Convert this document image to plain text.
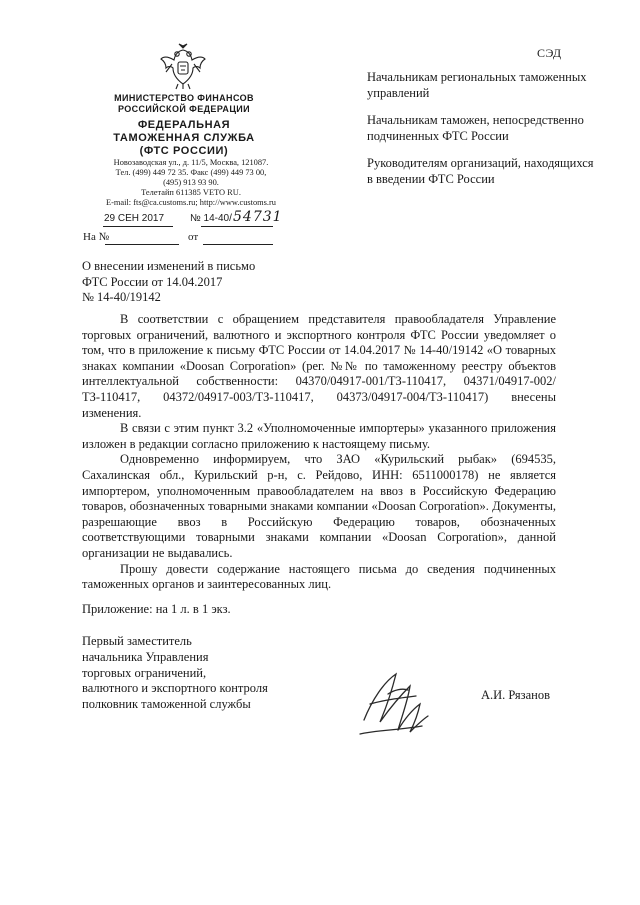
СЭД
МИНИСТЕРСТВО ФИНАНСОВ
РОССИЙСКОЙ ФЕДЕРАЦИИ
ФЕДЕРАЛЬНАЯ
ТАМОЖЕННАЯ СЛУЖБА
(ФТС РОССИИ)
Новозаводская ул., д. 11/5, Москва, 121087.
Тел. (499) 449 72 35. Факс (499) 449 73 00,
(495) 913 93 90.
Телетайп 611385 VETO RU.
E-mail: fts@ca.customs.ru; http://www.customs.ru
29 СЕН 2017	№ 14-40/ 54731
На №	от
Начальникам региональных таможенных управлений
Начальникам таможен, непосредственно подчиненных ФТС России
Руководителям организаций, находящихся в введении ФТС России
О внесении изменений в письмо
ФТС России от 14.04.2017
№ 14-40/19142

В соответствии с обращением представителя правообладателя Управление торговых ограничений, валютного и экспортного контроля ФТС России уведомляет о том, что в приложение к письму ФТС России от 14.04.2017 № 14-40/19142 «О товарных знаках компании «Doosan Corporation» (рег. №№ по таможенному реестру объектов интеллектуальной собственности: 04370/04917-001/ТЗ-110417, 04371/04917-002/ТЗ-110417, 04372/04917-003/ТЗ-110417, 04373/04917-004/ТЗ-110417) внесены изменения.

В связи с этим пункт 3.2 «Уполномоченные импортеры» указанного приложения изложен в редакции согласно приложению к настоящему письму.

Одновременно информируем, что ЗАО «Курильский рыбак» (694535, Сахалинская обл., Курильский р-н, с. Рейдово, ИНН: 6511000178) не является импортером, уполномоченным правообладателем на ввоз в Российскую Федерацию товаров, обозначенных товарными знаками компании «Doosan Corporation». Документы, разрешающие ввоз в Российскую Федерацию товаров, обозначенных соответствующими товарными знаками компании «Doosan Corporation», данной организации не выдавались.

Прошу довести содержание настоящего письма до сведения подчиненных таможенных органов и заинтересованных лиц.

Приложение: на 1 л. в 1 экз.
Первый заместитель
начальника Управления
торговых ограничений,
валютного и экспортного контроля
полковник таможенной службы
А.И. Рязанов
